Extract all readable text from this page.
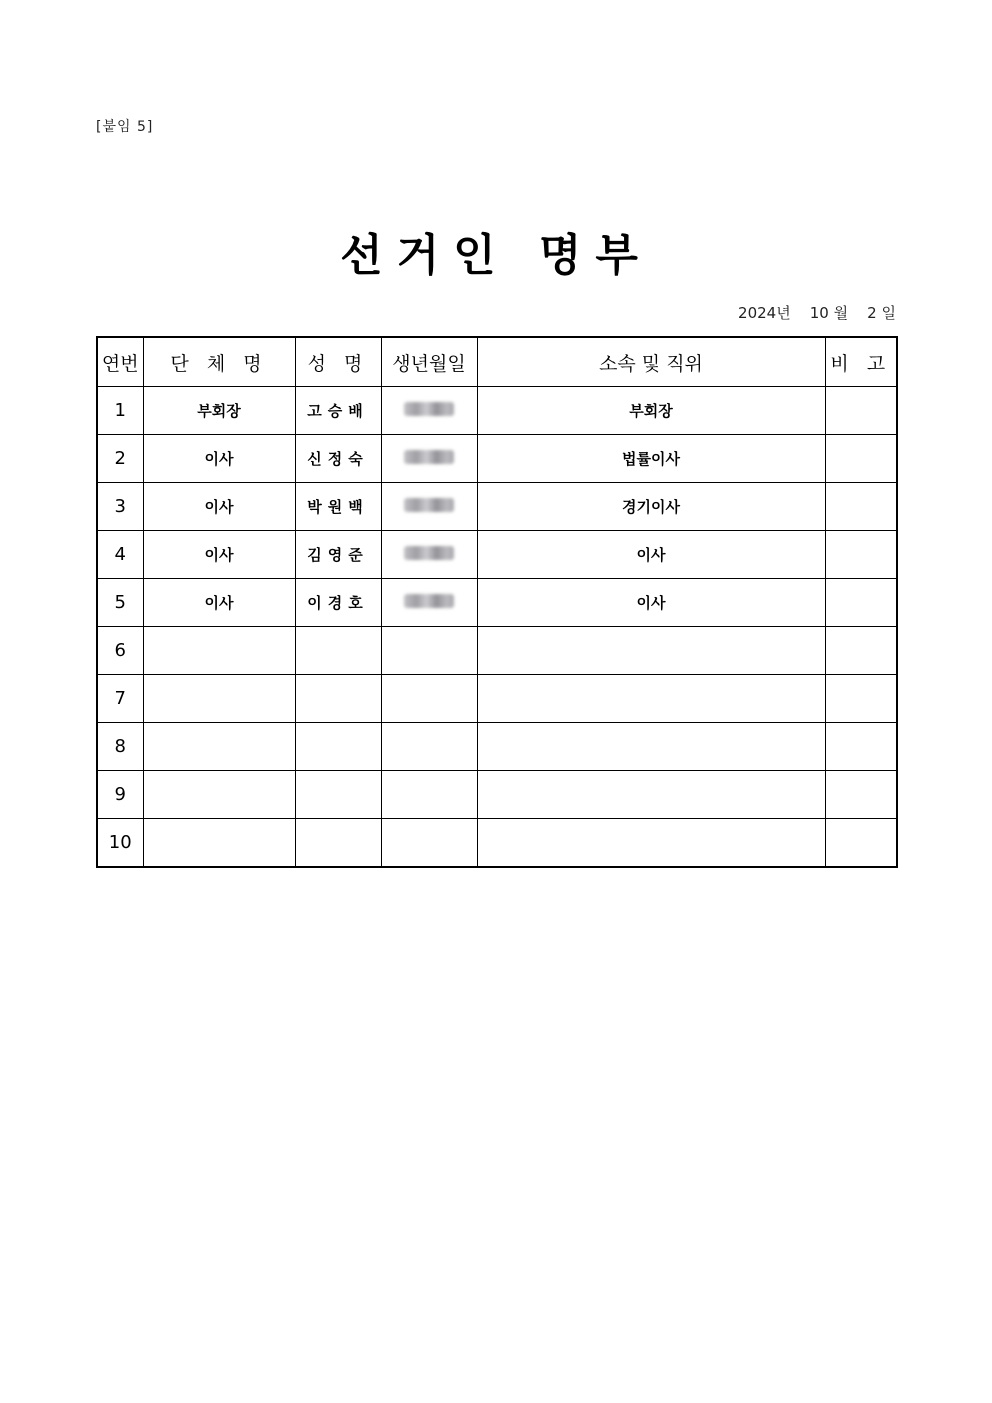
[붙임 5]
선거인 명부
2024년    10 월    2 일
연번	단 체 명	성 명	생년월일	소속 및 직위	비 고
1	부회장	고승배		부회장	
2	이사	신정숙		법률이사	
3	이사	박원백		경기이사	
4	이사	김영준		이사	
5	이사	이경호		이사	
6					
7					
8					
9					
10					
